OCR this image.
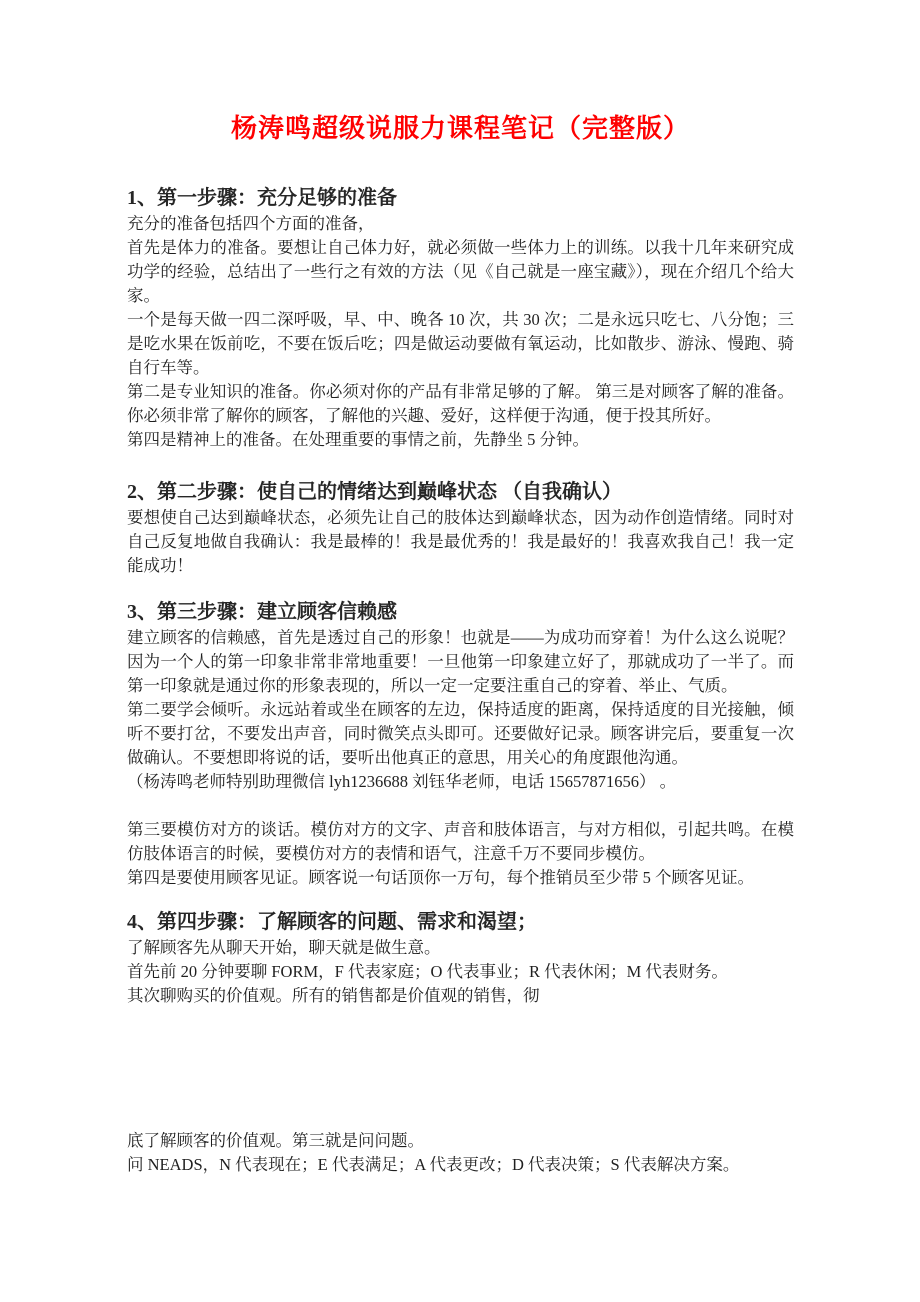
杨涛鸣超级说服力课程笔记（完整版）
1、第一步骤：充分足够的准备

充分的准备包括四个方面的准备，

首先是体力的准备。要想让自己体力好，就必须做一些体力上的训练。以我十几年来研究成

功学的经验，总结出了一些行之有效的方法（见《自己就是一座宝藏》），现在介绍几个给大

家。

一个是每天做一四二深呼吸，早、中、晚各 10 次，共 30 次；二是永远只吃七、八分饱；三

是吃水果在饭前吃，不要在饭后吃；四是做运动要做有氧运动，比如散步、游泳、慢跑、骑

自行车等。

第二是专业知识的准备。你必须对你的产品有非常足够的了解。 第三是对顾客了解的准备。

你必须非常了解你的顾客，了解他的兴趣、爱好，这样便于沟通，便于投其所好。

第四是精神上的准备。在处理重要的事情之前，先静坐 5 分钟。

2、第二步骤：使自己的情绪达到巅峰状态 （自我确认）

要想使自己达到巅峰状态，必须先让自己的肢体达到巅峰状态，因为动作创造情绪。同时对

自己反复地做自我确认：我是最棒的！我是最优秀的！我是最好的！我喜欢我自己！我一定

能成功！

3、第三步骤：建立顾客信赖感

建立顾客的信赖感，首先是透过自己的形象！也就是——为成功而穿着！为什么这么说呢？

因为一个人的第一印象非常非常地重要！一旦他第一印象建立好了，那就成功了一半了。而

第一印象就是通过你的形象表现的，所以一定一定要注重自己的穿着、举止、气质。

第二要学会倾听。永远站着或坐在顾客的左边，保持适度的距离，保持适度的目光接触，倾

听不要打岔，不要发出声音，同时微笑点头即可。还要做好记录。顾客讲完后，要重复一次

做确认。不要想即将说的话，要听出他真正的意思，用关心的角度跟他沟通。

（杨涛鸣老师特别助理微信 lyh1236688 刘钰华老师，电话 15657871656） 。

第三要模仿对方的谈话。模仿对方的文字、声音和肢体语言，与对方相似，引起共鸣。在模

仿肢体语言的时候，要模仿对方的表情和语气，注意千万不要同步模仿。

第四是要使用顾客见证。顾客说一句话顶你一万句，每个推销员至少带 5 个顾客见证。

4、第四步骤：了解顾客的问题、需求和渴望；

了解顾客先从聊天开始，聊天就是做生意。

首先前 20 分钟要聊 FORM，F 代表家庭；O 代表事业；R 代表休闲；M 代表财务。

其次聊购买的价值观。所有的销售都是价值观的销售，彻

底了解顾客的价值观。第三就是问问题。

问 NEADS，N 代表现在；E 代表满足；A 代表更改；D 代表决策；S 代表解决方案。
